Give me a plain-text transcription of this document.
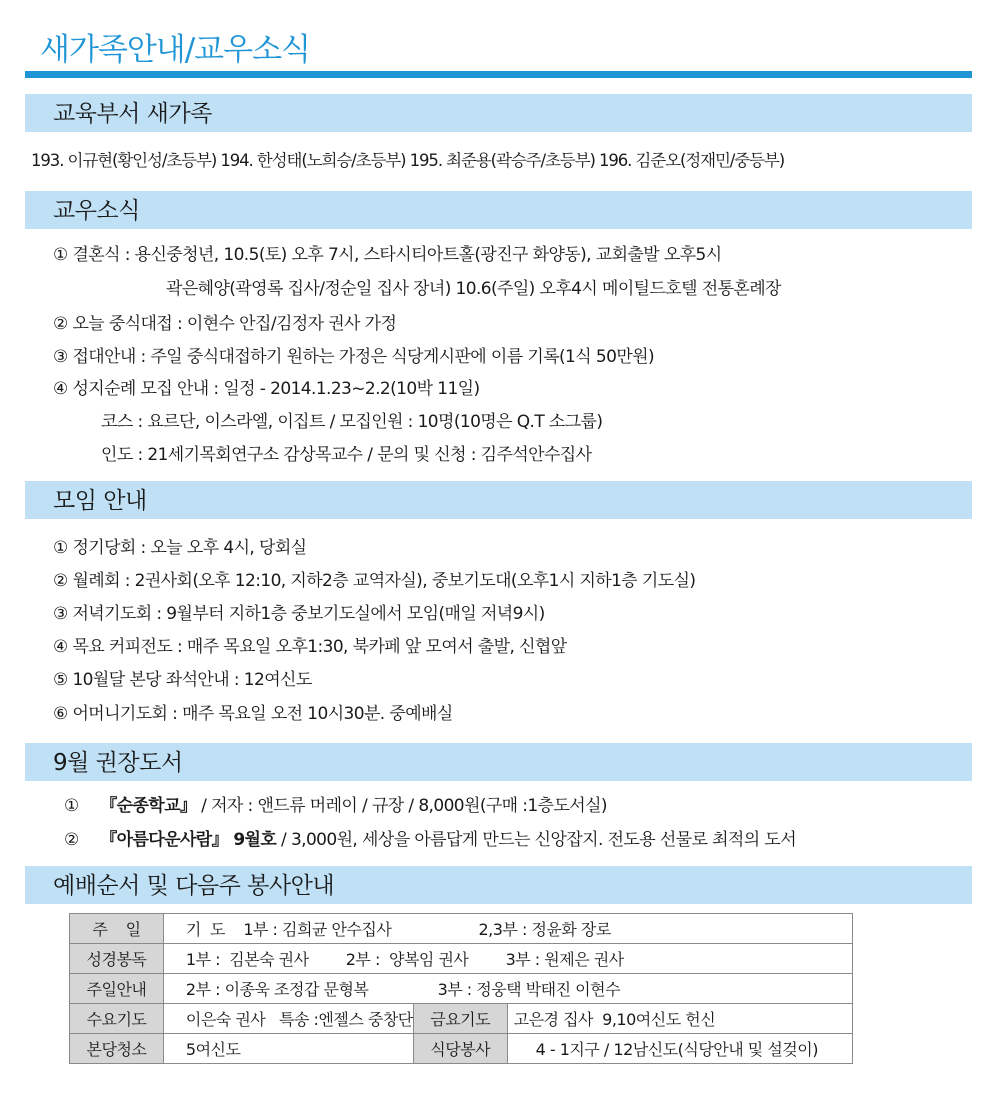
새가족안내/교우소식
교육부서 새가족
193. 이규현(황인성/초등부) 194. 한성태(노희승/초등부) 195. 최준용(곽승주/초등부) 196. 김준오(정재민/중등부)
교우소식
① 결혼식 : 용신중청년, 10.5(토) 오후 7시, 스타시티아트홀(광진구 화양동), 교회출발 오후5시
곽은혜양(곽영록 집사/정순일 집사 장녀) 10.6(주일) 오후4시 메이틸드호텔 전통혼례장
② 오늘 중식대접 : 이현수 안집/김정자 권사 가정
③ 접대안내 : 주일 중식대접하기 원하는 가정은 식당게시판에 이름 기록(1식 50만원)
④ 성지순례 모집 안내 : 일정 - 2014.1.23~2.2(10박 11일)
코스 : 요르단, 이스라엘, 이집트 / 모집인원 : 10명(10명은 Q.T 소그룹)
인도 : 21세기목회연구소 감상목교수 / 문의 및 신청 : 김주석안수집사
모임 안내
① 정기당회 : 오늘 오후 4시, 당회실
② 월례회 : 2권사회(오후 12:10, 지하2층 교역자실), 중보기도대(오후1시 지하1층 기도실)
③ 저녁기도회 : 9월부터 지하1층 중보기도실에서 모임(매일 저녁9시)
④ 목요 커피전도 : 매주 목요일 오후1:30, 북카페 앞 모여서 출발, 신협앞
⑤ 10월달 본당 좌석안내 : 12여신도
⑥ 어머니기도회 : 매주 목요일 오전 10시30분. 중예배실
9월 권장도서
① 『순종학교』 / 저자 : 앤드류 머레이 / 규장 / 8,000원(구매 :1층도서실)
② 『아름다운사람』 9월호 / 3,000원, 세상을 아름답게 만드는 신앙잡지. 전도용 선물로 최적의 도서
예배순서 및 다음주 봉사안내
주    일	기  도    1부 : 김희균 안수집사 2,3부 : 정윤화 장로		
성경봉독	1부 :  김본숙 권사 2부 :  양복임 권사 3부 : 원제은 권사		
주일안내	2부 : 이종욱 조정갑 문형복 3부 : 정웅택 박태진 이현수		
수요기도	이은숙 권사   특송 :엔젤스 중창단	금요기도	고은경 집사  9,10여신도 헌신
본당청소	5여신도	식당봉사	4 - 1지구 / 12남신도(식당안내 및 설겆이)
